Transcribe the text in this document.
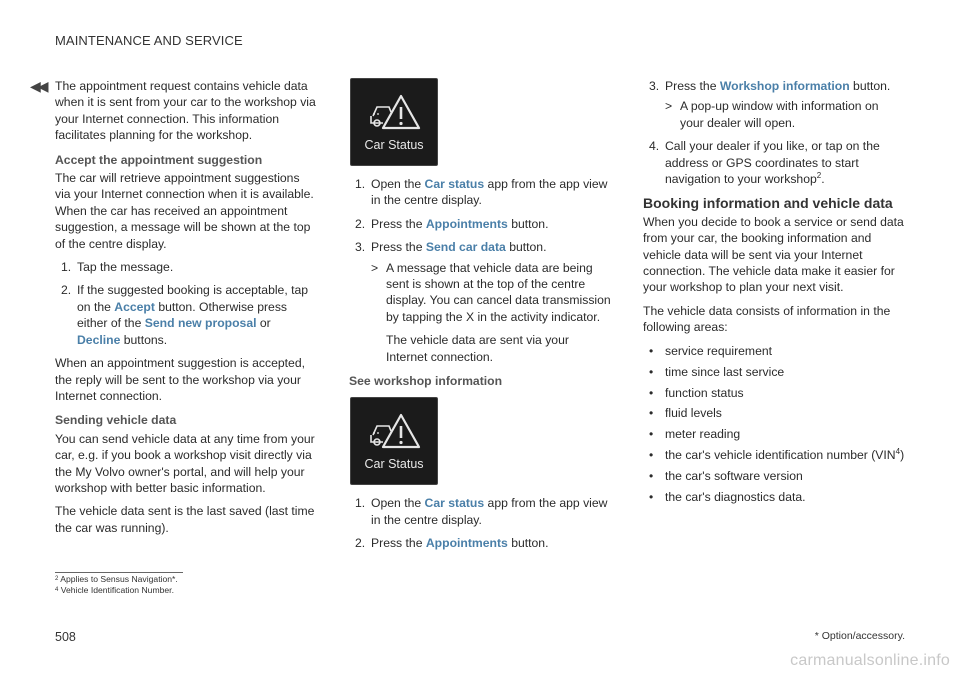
MAINTENANCE AND SERVICE
◀◀ The appointment request contains vehicle data when it is sent from your car to the workshop via your Internet connection. This information facilitates planning for the workshop.

Accept the appointment suggestion

The car will retrieve appointment suggestions via your Internet connection when it is available. When the car has received an appointment suggestion, a message will be shown at the top of the centre display.

1. Tap the message.
2. If the suggested booking is acceptable, tap on the Accept button. Otherwise press either of the Send new proposal or Decline buttons.

When an appointment suggestion is accepted, the reply will be sent to the workshop via your Internet connection.

Sending vehicle data

You can send vehicle data at any time from your car, e.g. if you book a workshop visit directly via the My Volvo owner's portal, and will help your workshop with better basic information.

The vehicle data sent is the last saved (last time the car was running).

Car Status
1. Open the Car status app from the app view in the centre display.
2. Press the Appointments button.
3. Press the Send car data button.
> A message that vehicle data are being sent is shown at the top of the centre display. You can cancel data transmission by tapping the X in the activity indicator.

The vehicle data are sent via your Internet connection.

See workshop information
Car Status
1. Open the Car status app from the app view in the centre display.
2. Press the Appointments button.
3. Press the Workshop information button.
> A pop-up window with information on your dealer will open.

4. Call your dealer if you like, or tap on the address or GPS coordinates to start navigation to your workshop$^2$.
Booking information and vehicle data

When you decide to book a service or send data from your car, the booking information and vehicle data will be sent via your Internet connection. The vehicle data make it easier for your workshop to plan your next visit.

The vehicle data consists of information in the following areas:

• service requirement
• time since last service
• function status
• fluid levels
• meter reading
• the car's vehicle identification number (VIN$^4$)
• the car's software version
• the car's diagnostics data.
$^2$ Applies to Sensus Navigation*.
$^4$ Vehicle Identification Number.
508	* Option/accessory.
carmanualsonline.info
